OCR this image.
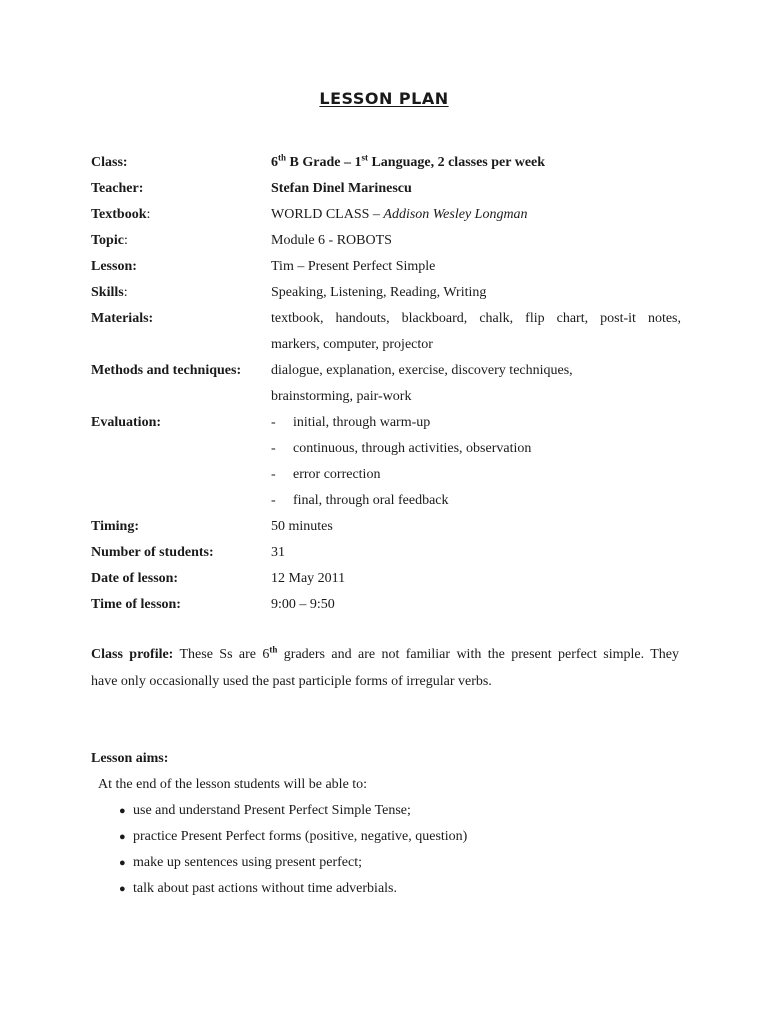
LESSON PLAN
Class:	6th B Grade – 1st Language, 2 classes per week
Teacher:	Stefan Dinel Marinescu
Textbook:	WORLD CLASS – Addison Wesley Longman
Topic:	Module 6 - ROBOTS
Lesson:	Tim – Present Perfect Simple
Skills:	Speaking, Listening, Reading, Writing
Materials:	textbook, handouts, blackboard, chalk, flip chart, post-it notes,
markers, computer, projector
Methods and techniques:	dialogue, explanation, exercise, discovery techniques,
brainstorming, pair-work
Evaluation:	-	initial, through warm-up
-	continuous, through activities, observation
-	error correction
-	final, through oral feedback
Timing:	50 minutes
Number of students:	31
Date of lesson:	12 May 2011
Time of lesson:	9:00 – 9:50
Class profile: These Ss are 6th graders and are not familiar with the present perfect simple. They
have only occasionally used the past participle forms of irregular verbs.
Lesson aims:
At the end of the lesson students will be able to:
● use and understand Present Perfect Simple Tense;
● practice Present Perfect forms (positive, negative, question)
● make up sentences using present perfect;
● talk about past actions without time adverbials.
